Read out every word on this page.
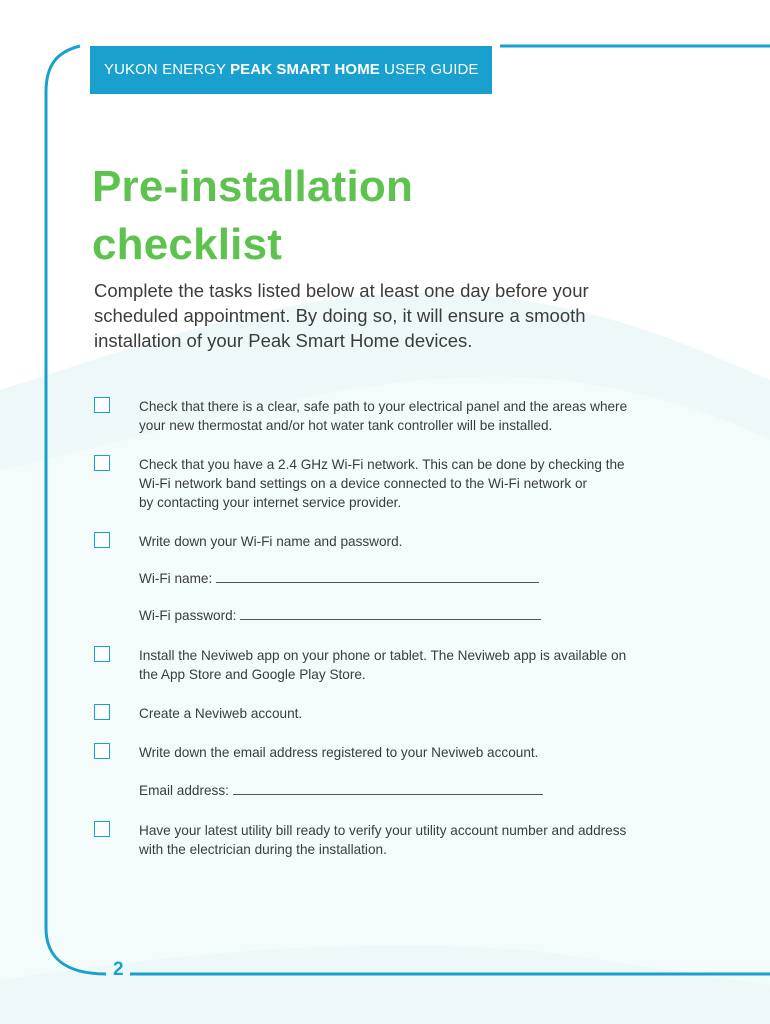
YUKON ENERGY PEAK SMART HOME USER GUIDE
Pre-installation
checklist

Complete the tasks listed below at least one day before your scheduled appointment. By doing so, it will ensure a smooth installation of your Peak Smart Home devices.

Check that there is a clear, safe path to your electrical panel and the areas where
your new thermostat and/or hot water tank controller will be installed.
Check that you have a 2.4 GHz Wi-Fi network. This can be done by checking the
Wi-Fi network band settings on a device connected to the Wi-Fi network or
by contacting your internet service provider.
Write down your Wi-Fi name and password.
Wi-Fi name:
Wi-Fi password:
Install the Neviweb app on your phone or tablet. The Neviweb app is available on
the App Store and Google Play Store.
Create a Neviweb account.
Write down the email address registered to your Neviweb account.
Email address:
Have your latest utility bill ready to verify your utility account number and address
with the electrician during the installation.
2
